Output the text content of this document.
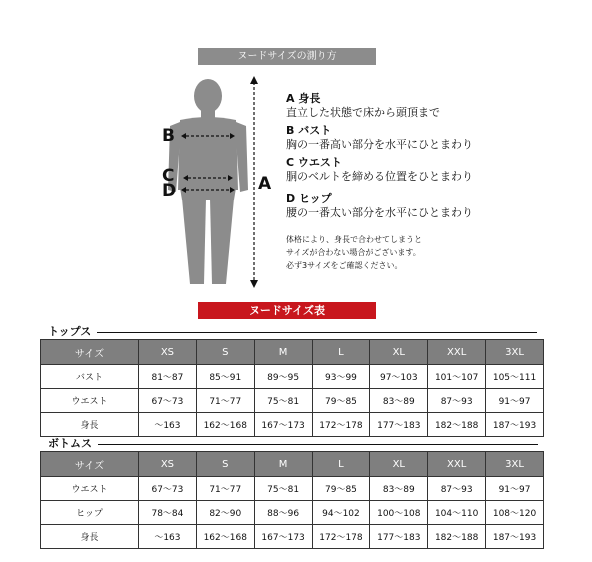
ヌードサイズの測り方
B
C
D	A
A 身長
直立した状態で床から頭頂まで
B バスト
胸の一番高い部分を水平にひとまわり
C ウエスト
胴のベルトを締める位置をひとまわり
D ヒップ
腰の一番太い部分を水平にひとまわり
体格により、身長で合わせてしまうと
サイズが合わない場合がございます。
必ず3サイズをご確認ください。
ヌードサイズ表
トップス
サイズ	XS	S	M	L	XL	XXL	3XL
バスト	81～87	85～91	89～95	93～99	97～103	101～107	105～111
ウエスト	67～73	71～77	75～81	79～85	83～89	87～93	91～97
身長	～163	162～168	167～173	172～178	177～183	182～188	187～193
ボトムス
サイズ	XS	S	M	L	XL	XXL	3XL
ウエスト	67～73	71～77	75～81	79～85	83～89	87～93	91～97
ヒップ	78～84	82～90	88～96	94～102	100～108	104～110	108～120
身長	～163	162～168	167～173	172～178	177～183	182～188	187～193
